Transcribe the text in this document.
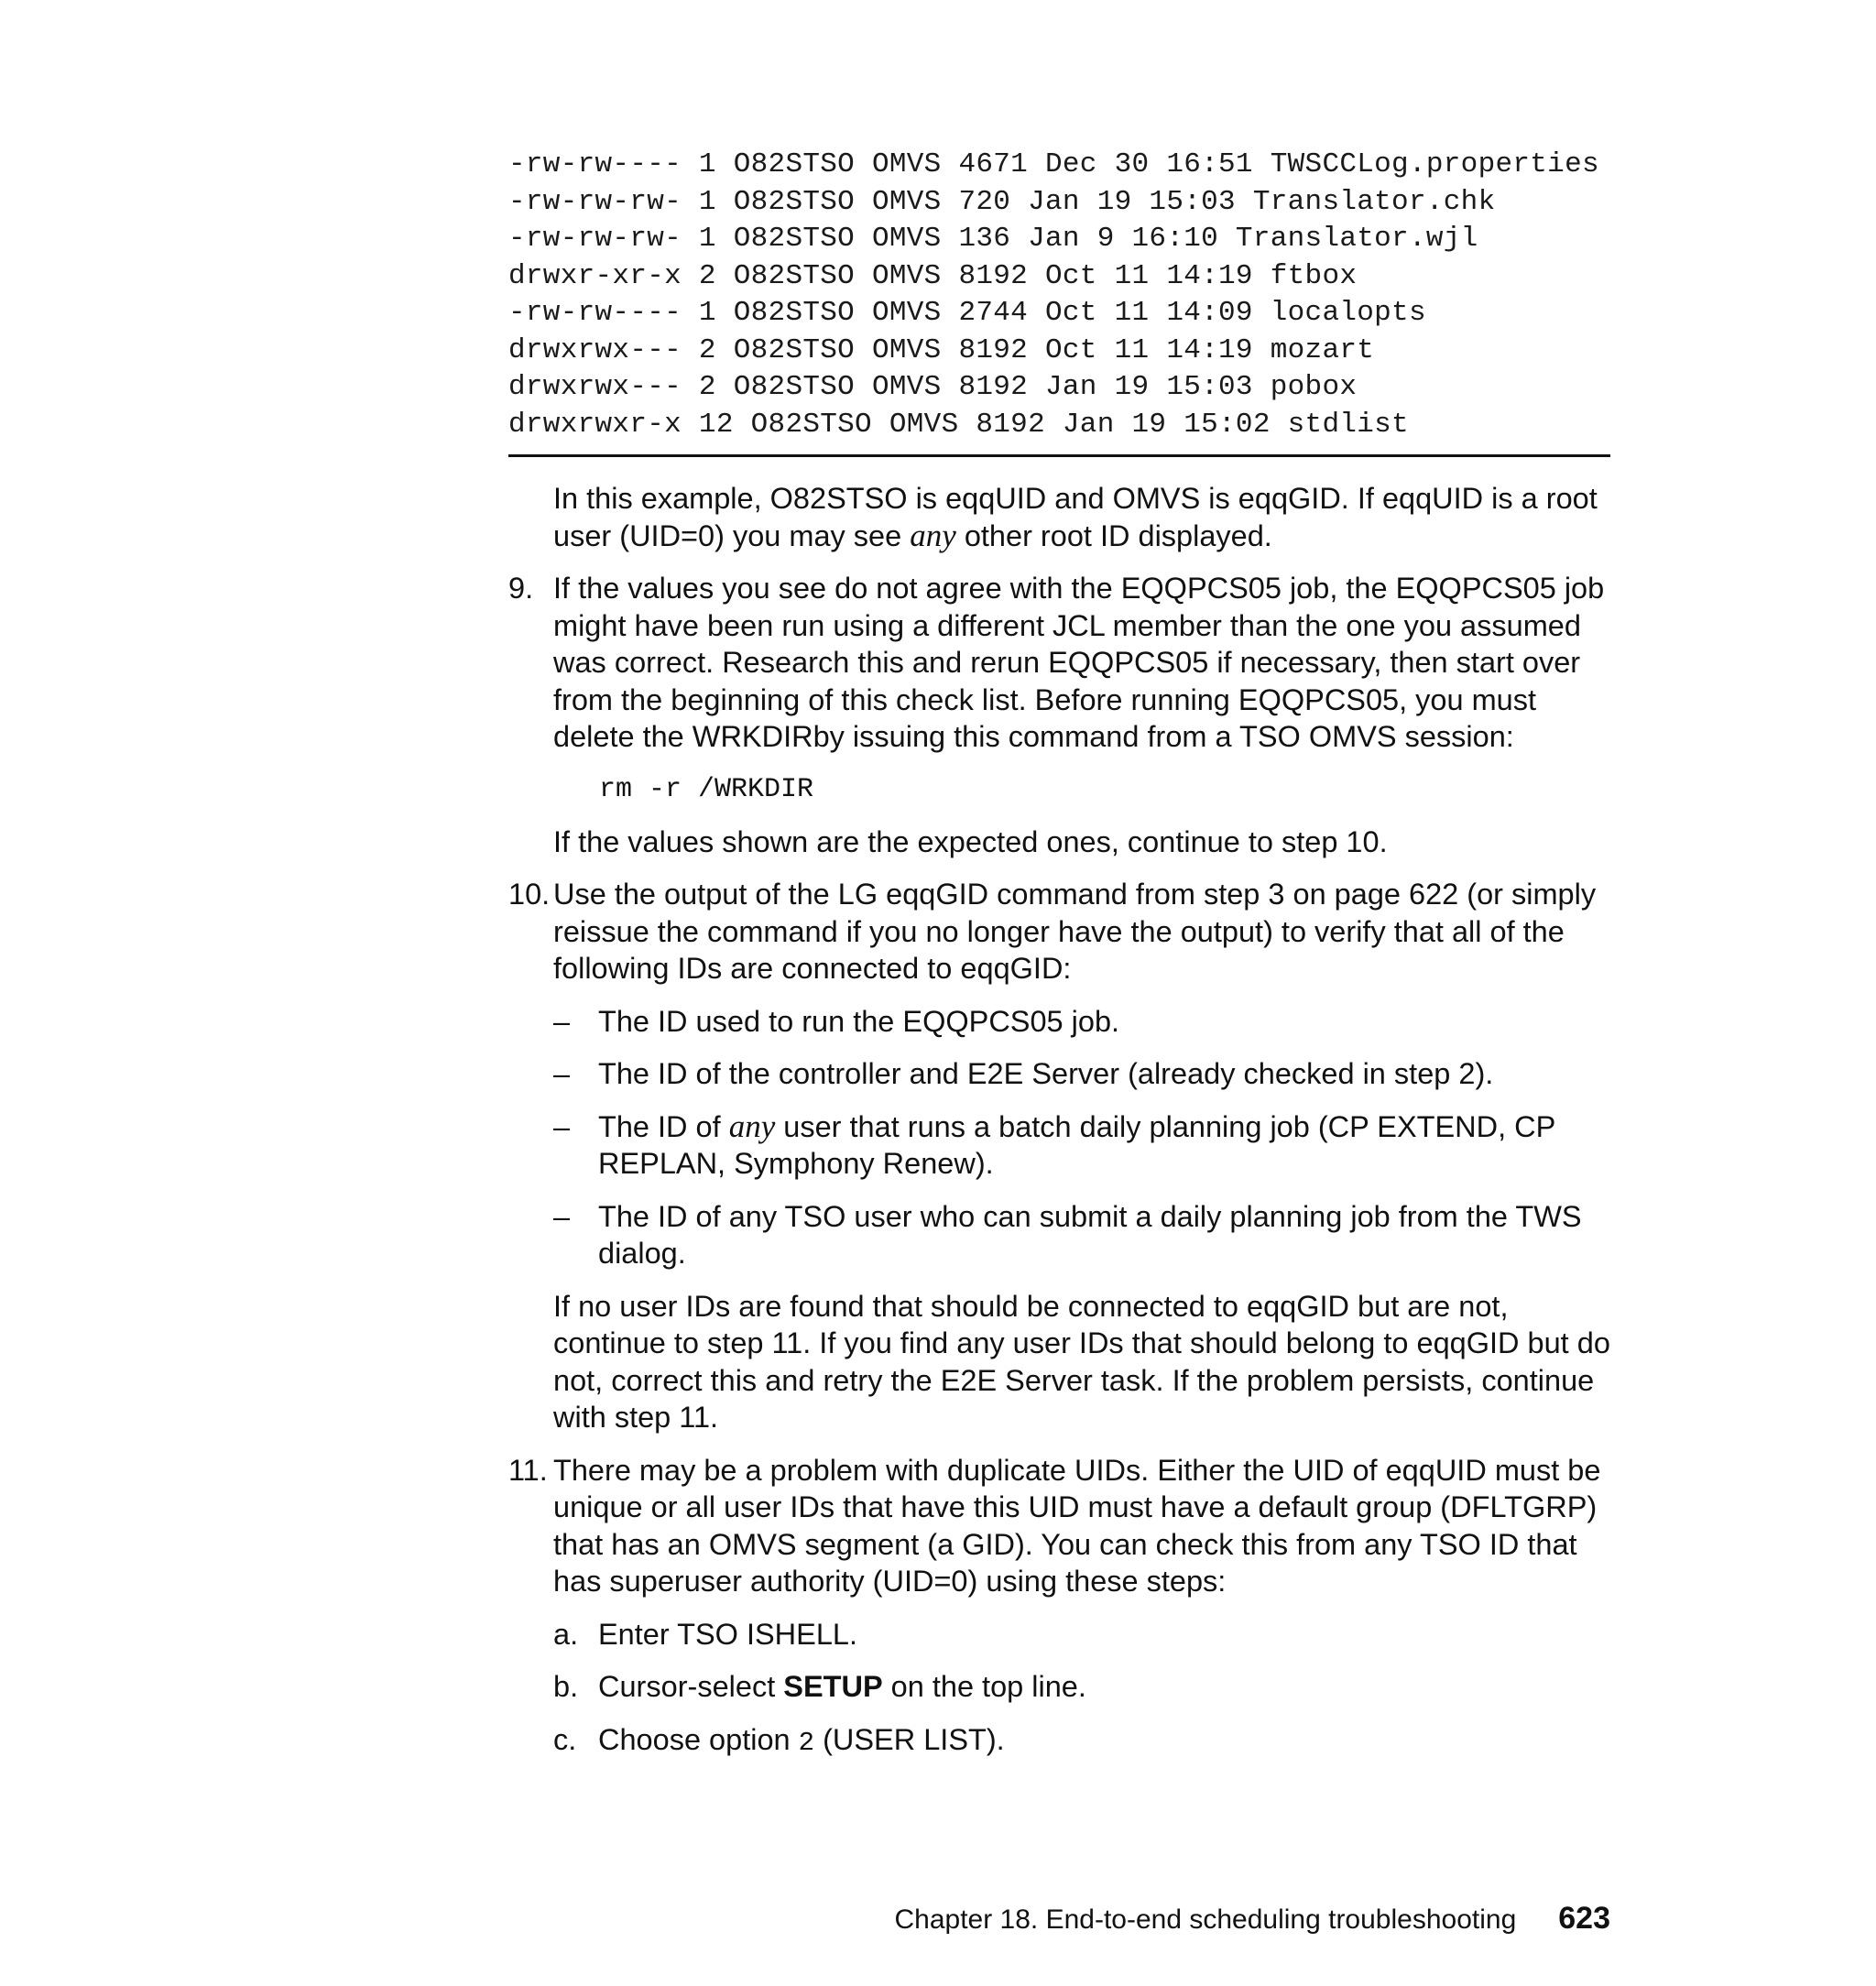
-rw-rw---- 1 O82STSO OMVS 4671 Dec 30 16:51 TWSCCLog.properties
-rw-rw-rw- 1 O82STSO OMVS 720 Jan 19 15:03 Translator.chk
-rw-rw-rw- 1 O82STSO OMVS 136 Jan 9 16:10 Translator.wjl
drwxr-xr-x 2 O82STSO OMVS 8192 Oct 11 14:19 ftbox
-rw-rw---- 1 O82STSO OMVS 2744 Oct 11 14:09 localopts
drwxrwx--- 2 O82STSO OMVS 8192 Oct 11 14:19 mozart
drwxrwx--- 2 O82STSO OMVS 8192 Jan 19 15:03 pobox
drwxrwxr-x 12 O82STSO OMVS 8192 Jan 19 15:02 stdlist

In this example, O82STSO is eqqUID and OMVS is eqqGID. If eqqUID is a root user (UID=0) you may see any other root ID displayed.

9. If the values you see do not agree with the EQQPCS05 job, the EQQPCS05 job might have been run using a different JCL member than the one you assumed was correct. Research this and rerun EQQPCS05 if necessary, then start over from the beginning of this check list. Before running EQQPCS05, you must delete the WRKDIRby issuing this command from a TSO OMVS session:
rm -r /WRKDIR

If the values shown are the expected ones, continue to step 10.

10. Use the output of the LG eqqGID command from step 3 on page 622 (or simply reissue the command if you no longer have the output) to verify that all of the following IDs are connected to eqqGID:
– The ID used to run the EQQPCS05 job.
– The ID of the controller and E2E Server (already checked in step 2).
– The ID of any user that runs a batch daily planning job (CP EXTEND, CP REPLAN, Symphony Renew).
– The ID of any TSO user who can submit a daily planning job from the TWS dialog.

If no user IDs are found that should be connected to eqqGID but are not, continue to step 11. If you find any user IDs that should belong to eqqGID but do not, correct this and retry the E2E Server task. If the problem persists, continue with step 11.

11. There may be a problem with duplicate UIDs. Either the UID of eqqUID must be unique or all user IDs that have this UID must have a default group (DFLTGRP) that has an OMVS segment (a GID). You can check this from any TSO ID that has superuser authority (UID=0) using these steps:
a. Enter TSO ISHELL.
b. Cursor-select SETUP on the top line.
c. Choose option 2 (USER LIST).
Chapter 18. End-to-end scheduling troubleshooting 623
